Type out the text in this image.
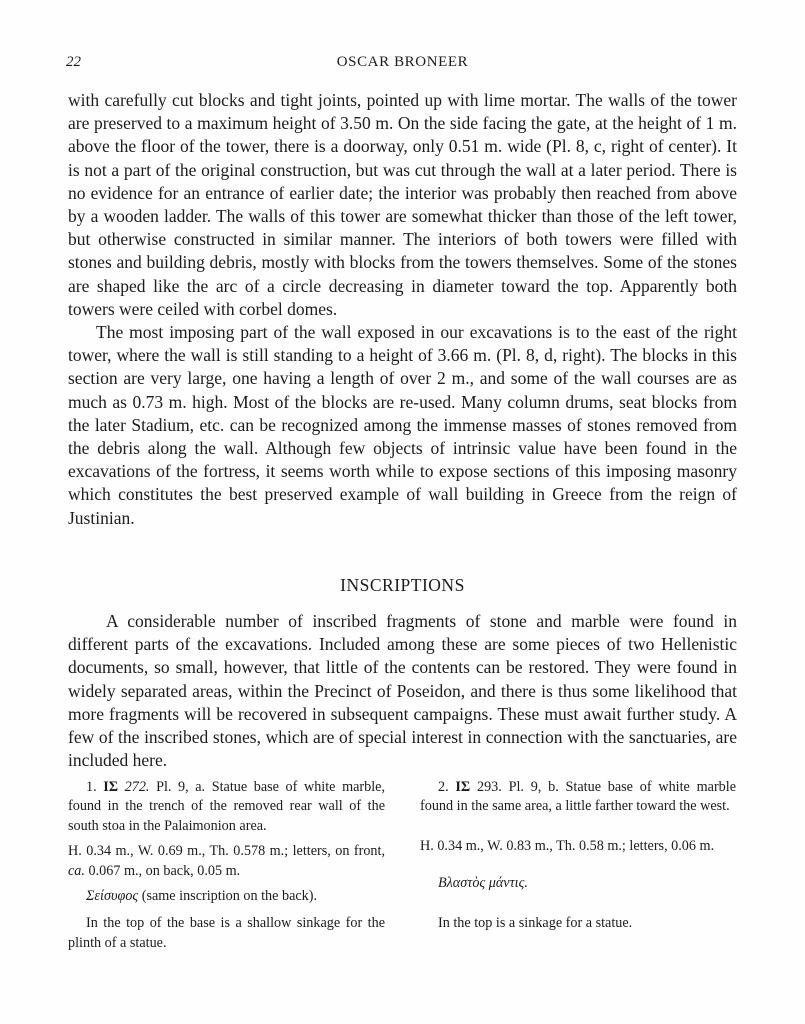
22	OSCAR BRONEER

with carefully cut blocks and tight joints, pointed up with lime mortar. The walls of the tower are preserved to a maximum height of 3.50 m. On the side facing the gate, at the height of 1 m. above the floor of the tower, there is a doorway, only 0.51 m. wide (Pl. 8, c, right of center). It is not a part of the original construction, but was cut through the wall at a later period. There is no evidence for an entrance of earlier date; the interior was probably then reached from above by a wooden ladder. The walls of this tower are somewhat thicker than those of the left tower, but otherwise constructed in similar manner. The interiors of both towers were filled with stones and building debris, mostly with blocks from the towers themselves. Some of the stones are shaped like the arc of a circle decreasing in diameter toward the top. Apparently both towers were ceiled with corbel domes.

The most imposing part of the wall exposed in our excavations is to the east of the right tower, where the wall is still standing to a height of 3.66 m. (Pl. 8, d, right). The blocks in this section are very large, one having a length of over 2 m., and some of the wall courses are as much as 0.73 m. high. Most of the blocks are re-used. Many column drums, seat blocks from the later Stadium, etc. can be recognized among the immense masses of stones removed from the debris along the wall. Although few objects of intrinsic value have been found in the excavations of the fortress, it seems worth while to expose sections of this imposing masonry which constitutes the best preserved example of wall building in Greece from the reign of Justinian.

INSCRIPTIONS

A considerable number of inscribed fragments of stone and marble were found in different parts of the excavations. Included among these are some pieces of two Hellenistic documents, so small, however, that little of the contents can be restored. They were found in widely separated areas, within the Precinct of Poseidon, and there is thus some likelihood that more fragments will be recovered in subsequent campaigns. These must await further study. A few of the inscribed stones, which are of special interest in connection with the sanctuaries, are included here.

1. IΣ 272. Pl. 9, a. Statue base of white marble, found in the trench of the removed rear wall of the south stoa in the Palaimonion area.

H. 0.34 m., W. 0.69 m., Th. 0.578 m.; letters, on front, ca. 0.067 m., on back, 0.05 m.

Σείσυφος (same inscription on the back).

In the top of the base is a shallow sinkage for the plinth of a statue.

2. IΣ 293. Pl. 9, b. Statue base of white marble found in the same area, a little farther toward the west.

H. 0.34 m., W. 0.83 m., Th. 0.58 m.; letters, 0.06 m.

Βλαστὸς μάντις.

In the top is a sinkage for a statue.
